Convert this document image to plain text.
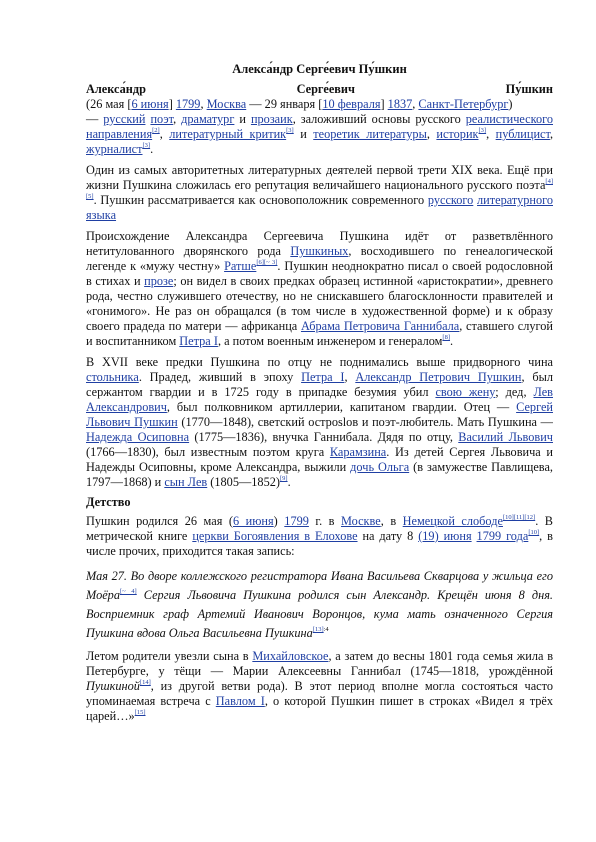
Алекса́ндр Серге́евич Пу́шкин
Алекса́ндр	Серге́евич	Пу́шкин

(26 мая [6 июня] 1799, Москва — 29 января [10 февраля] 1837, Санкт-Петербург)
— русский поэт, драматург и прозаик, заложивший основы русского реалистического направления[2], литературный критик[3] и теоретик литературы, историк[3], публицист, журналист[3].

Один из самых авторитетных литературных деятелей первой трети XIX века. Ещё при жизни Пушкина сложилась его репутация величайшего национального русского поэта[4][5]. Пушкин рассматривается как основоположник современного русского литературного языка

Происхождение Александра Сергеевича Пушкина идёт от разветвлённого нетитулованного дворянского рода Пушкиных, восходившего по генеалогической легенде к «мужу честну» Ратше[6][~ 3]. Пушкин неоднократно писал о своей родословной в стихах и прозе; он видел в своих предках образец истинной «аристократии», древнего рода, честно служившего отечеству, но не снискавшего благосклонности правителей и «гонимого». Не раз он обращался (в том числе в художественной форме) и к образу своего прадеда по матери — африканца Абрама Петровича Ганнибала, ставшего слугой и воспитанником Петра I, а потом военным инженером и генералом[8].

В XVII веке предки Пушкина по отцу не поднимались выше придворного чина стольника. Прадед, живший в эпоху Петра I, Александр Петрович Пушкин, был сержантом гвардии и в 1725 году в припадке безумия убил свою жену; дед, Лев Александрович, был полковником артиллерии, капитаном гвардии. Отец — Сергей Львович Пушкин (1770—1848), светский остроslов и поэт-любитель. Мать Пушкина — Надежда Осиповна (1775—1836), внучка Ганнибала. Дядя по отцу, Василий Львович (1766—1830), был известным поэтом круга Карамзина. Из детей Сергея Львовича и Надежды Осиповны, кроме Александра, выжили дочь Ольга (в замужестве Павлищева, 1797—1868) и сын Лев (1805—1852)[9].

Детство

Пушкин родился 26 мая (6 июня) 1799 г. в Москве, в Немецкой слободе[10][11][12]. В метрической книге церкви Богоявления в Елохове на дату 8 (19) июня 1799 года[10], в числе прочих, приходится такая запись:

Мая 27. Во дворе коллежского регистратора Ивана Васильева Скварцова у жильца его Моёра[~ 4] Сергия Львовича Пушкина родился сын Александр. Крещён июня 8 дня. Восприемник граф Артемий Иванович Воронцов, кума мать означенного Сергия Пушкина вдова Ольга Васильевна Пушкина$^{[13]:4}$

Летом родители увезли сына в Михайловское, а затем до весны 1801 года семья жила в Петербурге, у тёщи — Марии Алексеевны Ганнибал (1745—1818, урождённой Пушкиной[14], из другой ветви рода). В этот период вполне могла состояться часто упоминаемая встреча с Павлом I, о которой Пушкин пишет в строках «Видел я трёх царей…»[15]
